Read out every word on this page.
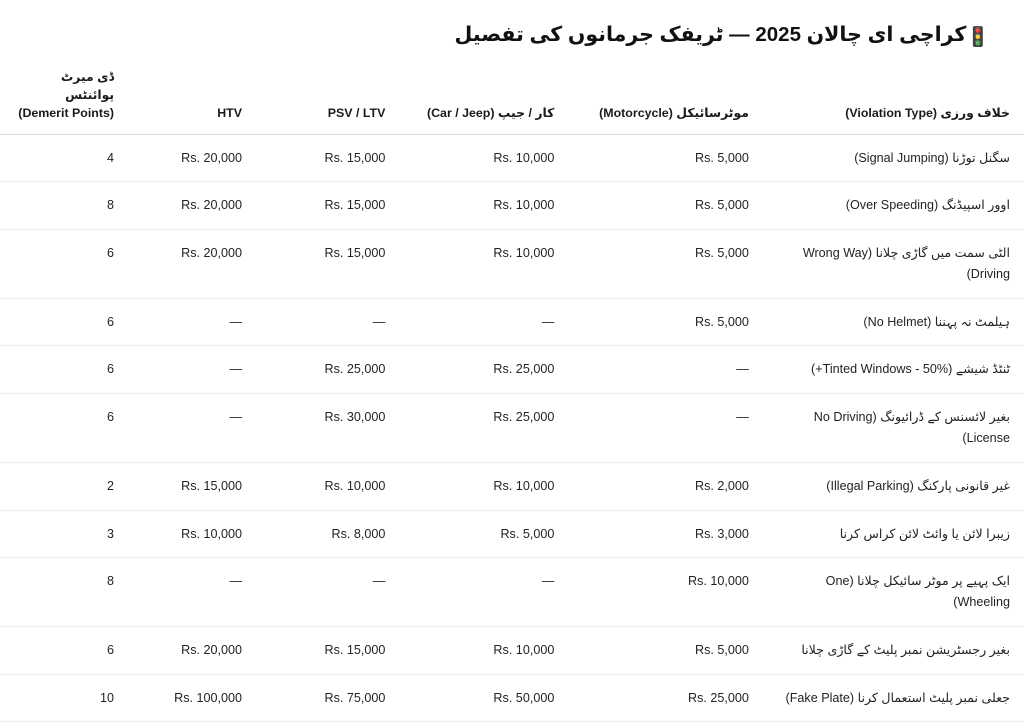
🚦کراچی ای چالان 2025 — ٹریفک جرمانوں کی تفصیل
خلاف ورزی (Violation Type)	موٹرسائیکل (Motorcycle)	کار / جیپ (Car / Jeep)	PSV / LTV	HTV	ڈی میرٹ پوائنٹس (Demerit Points)
سگنل توڑنا (Signal Jumping)	Rs. 5,000	Rs. 10,000	Rs. 15,000	Rs. 20,000	4
اوور اسپیڈنگ (Over Speeding)	Rs. 5,000	Rs. 10,000	Rs. 15,000	Rs. 20,000	8
الٹی سمت میں گاڑی چلانا (Wrong Way Driving)	Rs. 5,000	Rs. 10,000	Rs. 15,000	Rs. 20,000	6
ہیلمٹ نہ پہننا (No Helmet)	Rs. 5,000	—	—	—	6
ٹنٹڈ شیشے (Tinted Windows - 50%+)	—	Rs. 25,000	Rs. 25,000	—	6
بغیر لائسنس کے ڈرائیونگ (No Driving License)	—	Rs. 25,000	Rs. 30,000	—	6
غیر قانونی پارکنگ (Illegal Parking)	Rs. 2,000	Rs. 10,000	Rs. 10,000	Rs. 15,000	2
زیبرا لائن یا وائٹ لائن کراس کرنا	Rs. 3,000	Rs. 5,000	Rs. 8,000	Rs. 10,000	3
ایک پہیے پر موٹر سائیکل چلانا (One Wheeling)	Rs. 10,000	—	—	—	8
بغیر رجسٹریشن نمبر پلیٹ کے گاڑی چلانا	Rs. 5,000	Rs. 10,000	Rs. 15,000	Rs. 20,000	6
جعلی نمبر پلیٹ استعمال کرنا (Fake Plate)	Rs. 25,000	Rs. 50,000	Rs. 75,000	Rs. 100,000	10
